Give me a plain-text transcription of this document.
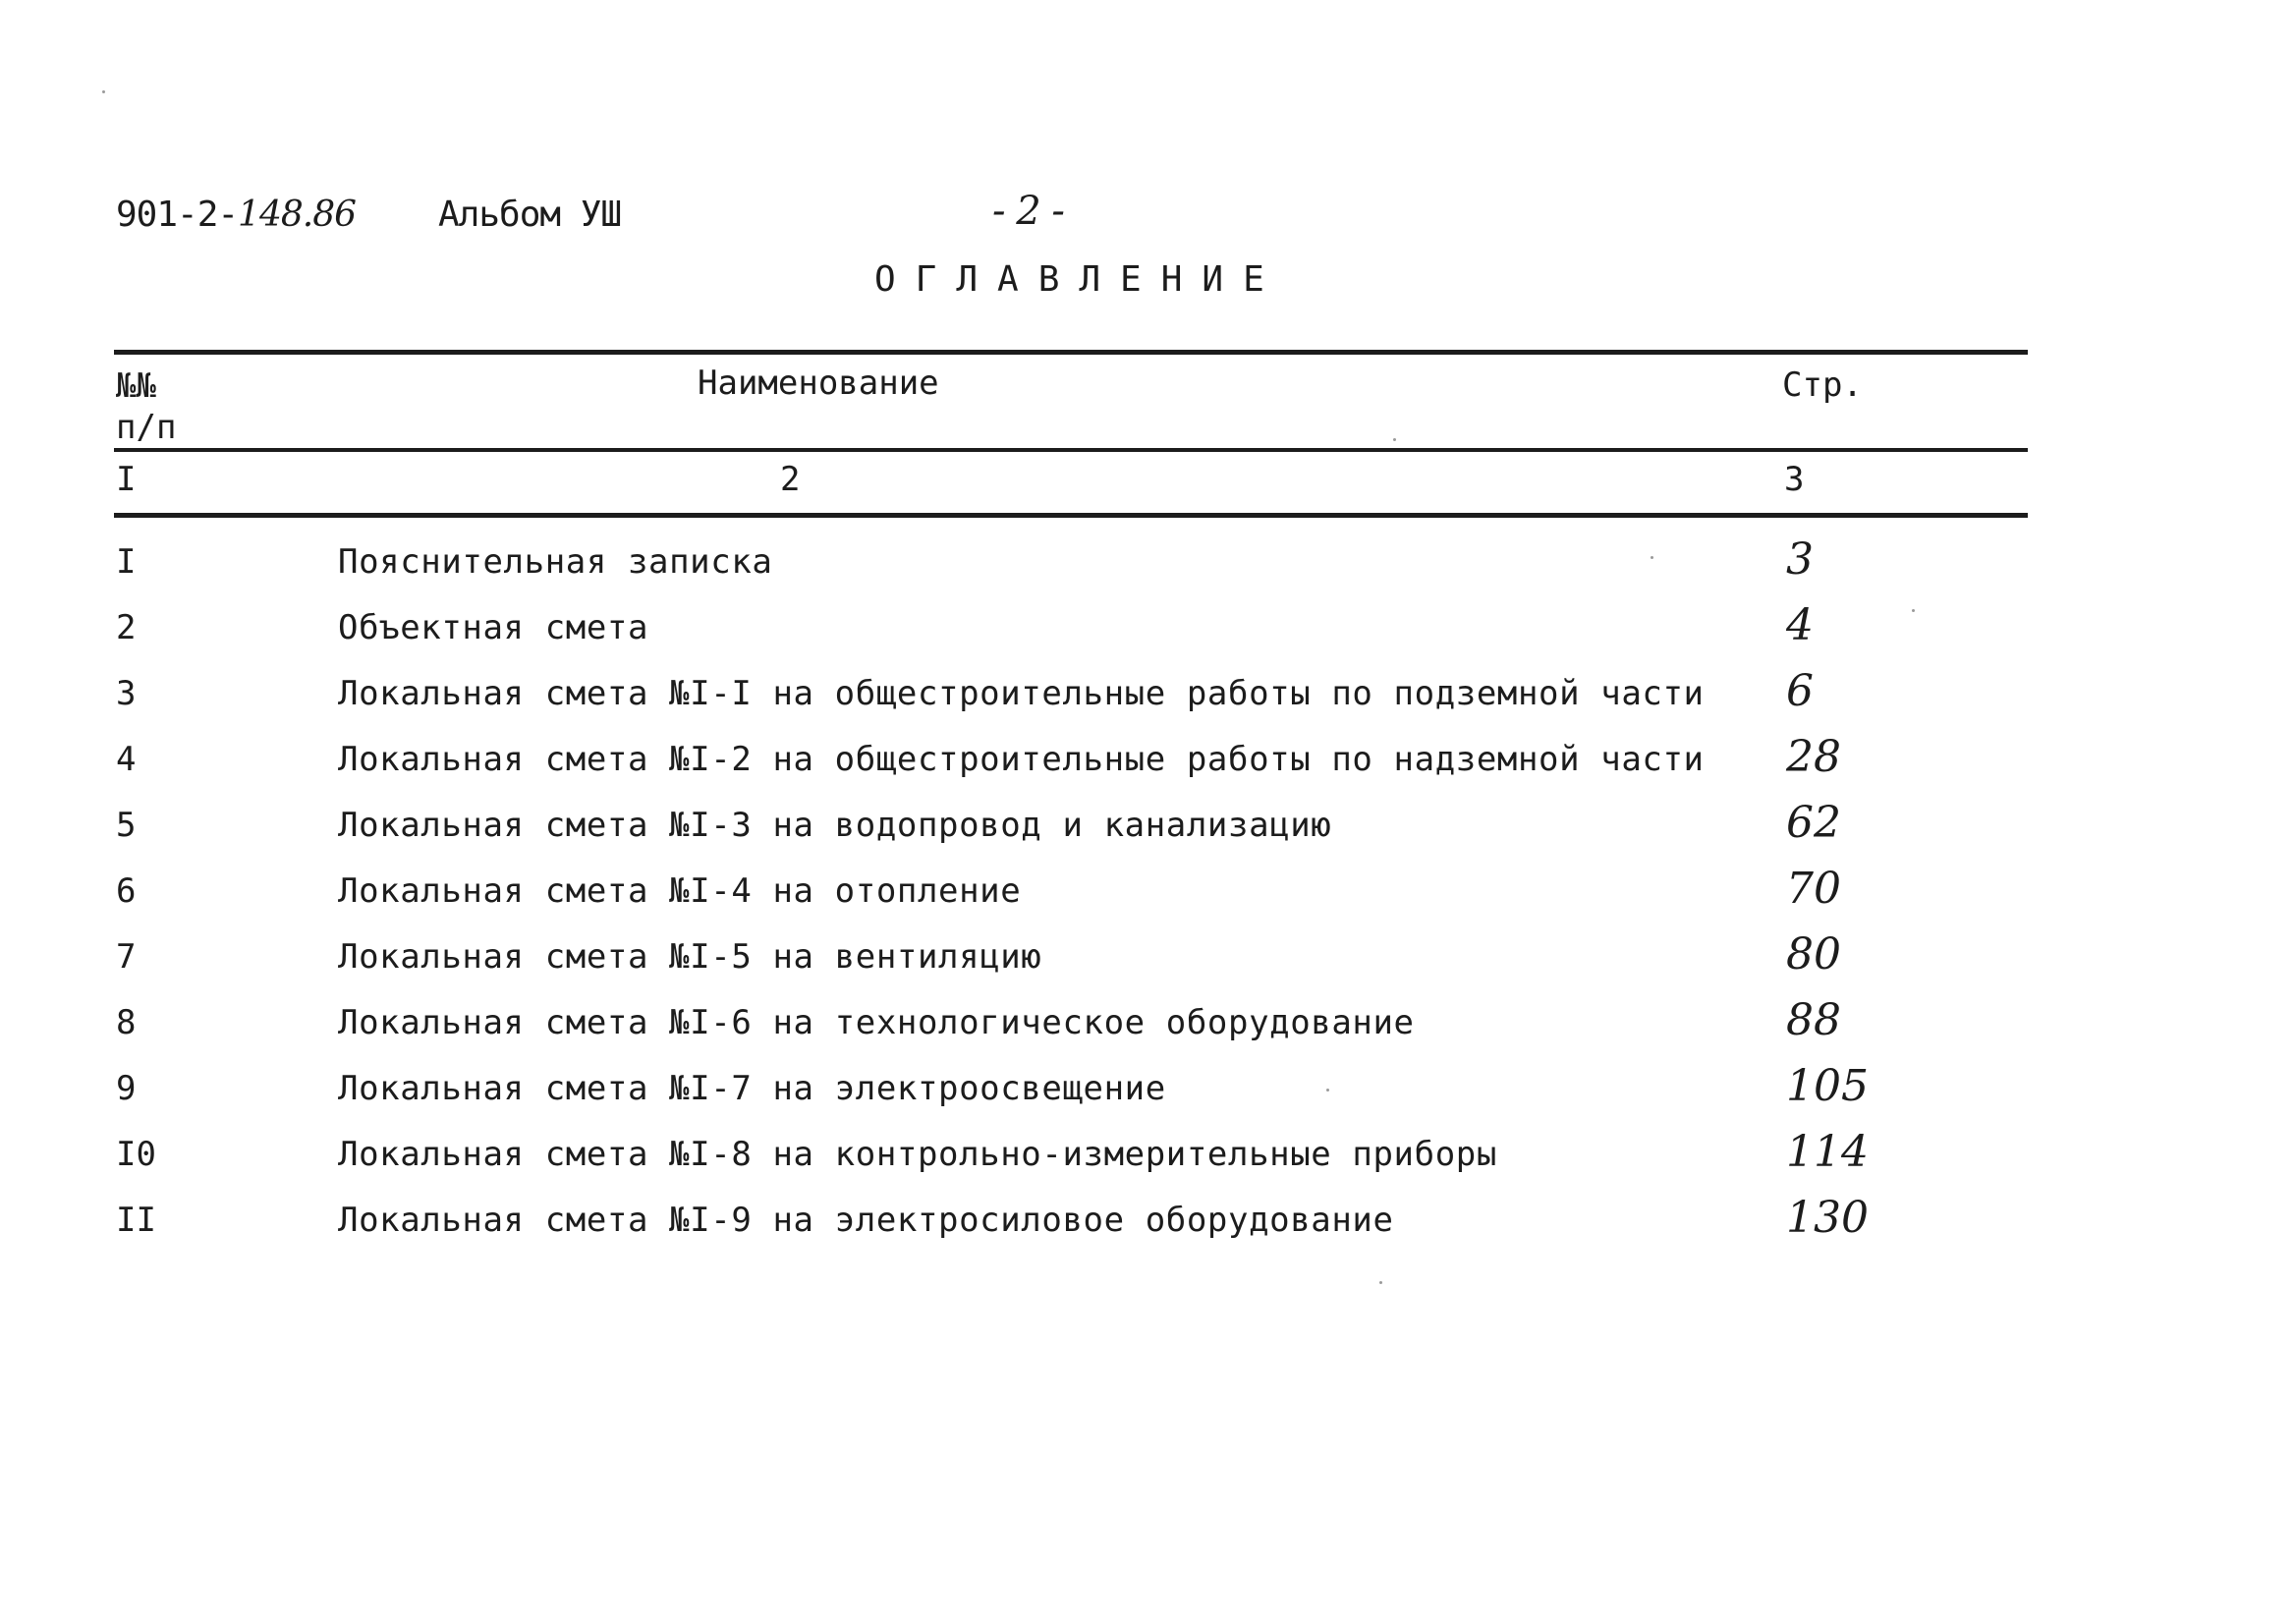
901-2-148.86 Альбом УШ	- 2 -
ОГЛАВЛЕНИЕ
№№
п/п
Наименование	Стр.
I	2	3
I	Пояснительная записка	3
2	Объектная смета	4
3	Локальная смета №I-I на общестроительные работы по подземной части 6
4	Локальная смета №I-2 на общестроительные работы по надземной части 28
5	Локальная смета №I-3 на водопровод и канализацию	62
6	Локальная смета №I-4 на отопление	70
7	Локальная смета №I-5 на вентиляцию	80
8	Локальная смета №I-6 на технологическое оборудование	88
9	Локальная смета №I-7 на электроосвещение	105
I0	Локальная смета №I-8 на контрольно-измерительные приборы	114
II	Локальная смета №I-9 на электросиловое оборудование	130
